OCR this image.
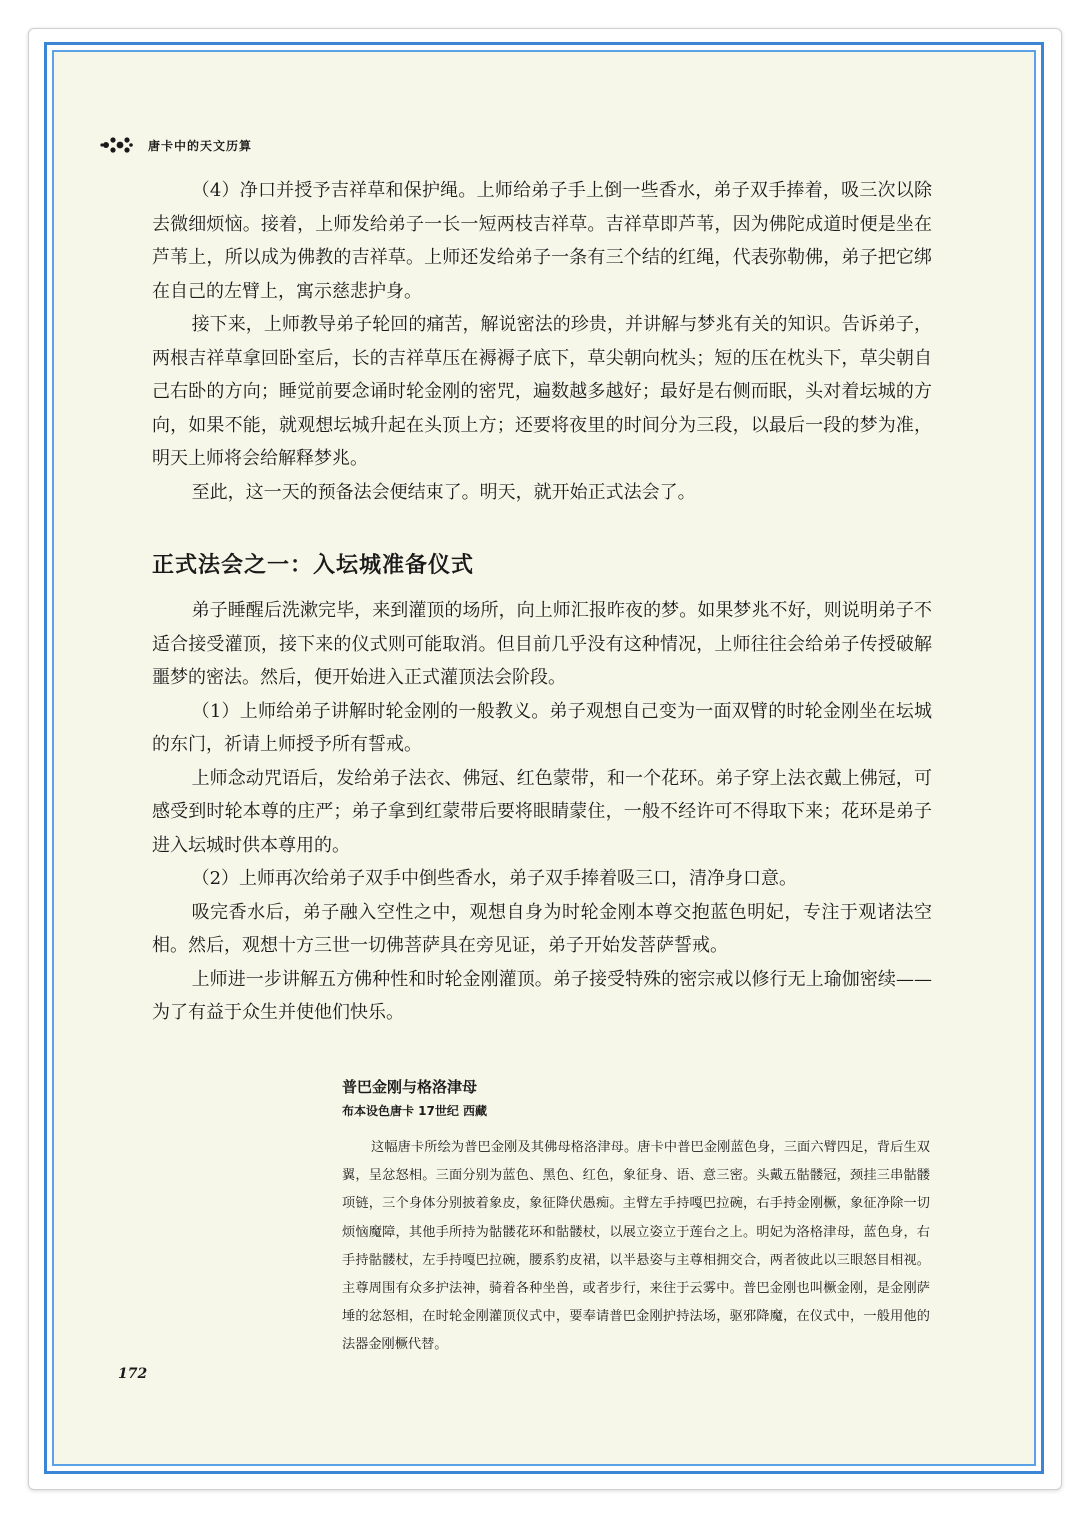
唐卡中的天文历算

（4）净口并授予吉祥草和保护绳。上师给弟子手上倒一些香水，弟子双手捧着，吸三次以除去微细烦恼。接着，上师发给弟子一长一短两枝吉祥草。吉祥草即芦苇，因为佛陀成道时便是坐在芦苇上，所以成为佛教的吉祥草。上师还发给弟子一条有三个结的红绳，代表弥勒佛，弟子把它绑在自己的左臂上，寓示慈悲护身。

接下来，上师教导弟子轮回的痛苦，解说密法的珍贵，并讲解与梦兆有关的知识。告诉弟子，两根吉祥草拿回卧室后，长的吉祥草压在褥褥子底下，草尖朝向枕头；短的压在枕头下，草尖朝自己右卧的方向；睡觉前要念诵时轮金刚的密咒，遍数越多越好；最好是右侧而眠，头对着坛城的方向，如果不能，就观想坛城升起在头顶上方；还要将夜里的时间分为三段，以最后一段的梦为准，明天上师将会给解释梦兆。

至此，这一天的预备法会便结束了。明天，就开始正式法会了。

正式法会之一：入坛城准备仪式

弟子睡醒后洗漱完毕，来到灌顶的场所，向上师汇报昨夜的梦。如果梦兆不好，则说明弟子不适合接受灌顶，接下来的仪式则可能取消。但目前几乎没有这种情况，上师往往会给弟子传授破解噩梦的密法。然后，便开始进入正式灌顶法会阶段。

（1）上师给弟子讲解时轮金刚的一般教义。弟子观想自己变为一面双臂的时轮金刚坐在坛城的东门，祈请上师授予所有誓戒。

上师念动咒语后，发给弟子法衣、佛冠、红色蒙带，和一个花环。弟子穿上法衣戴上佛冠，可感受到时轮本尊的庄严；弟子拿到红蒙带后要将眼睛蒙住，一般不经许可不得取下来；花环是弟子进入坛城时供本尊用的。

（2）上师再次给弟子双手中倒些香水，弟子双手捧着吸三口，清净身口意。

吸完香水后，弟子融入空性之中，观想自身为时轮金刚本尊交抱蓝色明妃，专注于观诸法空相。然后，观想十方三世一切佛菩萨具在旁见证，弟子开始发菩萨誓戒。

上师进一步讲解五方佛种性和时轮金刚灌顶。弟子接受特殊的密宗戒以修行无上瑜伽密续——为了有益于众生并使他们快乐。

普巴金刚与格洛津母
布本设色唐卡 17世纪 西藏

这幅唐卡所绘为普巴金刚及其佛母格洛津母。唐卡中普巴金刚蓝色身，三面六臂四足，背后生双翼，呈忿怒相。三面分别为蓝色、黑色、红色，象征身、语、意三密。头戴五骷髅冠，颈挂三串骷髅项链，三个身体分别披着象皮，象征降伏愚痴。主臂左手持嘎巴拉碗，右手持金刚橛，象征净除一切烦恼魔障，其他手所持为骷髅花环和骷髅杖，以展立姿立于莲台之上。明妃为洛格津母，蓝色身，右手持骷髅杖，左手持嘎巴拉碗，腰系豹皮裙，以半悬姿与主尊相拥交合，两者彼此以三眼怒目相视。主尊周围有众多护法神，骑着各种坐兽，或者步行，来往于云雾中。普巴金刚也叫橛金刚，是金刚萨埵的忿怒相，在时轮金刚灌顶仪式中，要奉请普巴金刚护持法场，驱邪降魔，在仪式中，一般用他的法器金刚橛代替。

172
